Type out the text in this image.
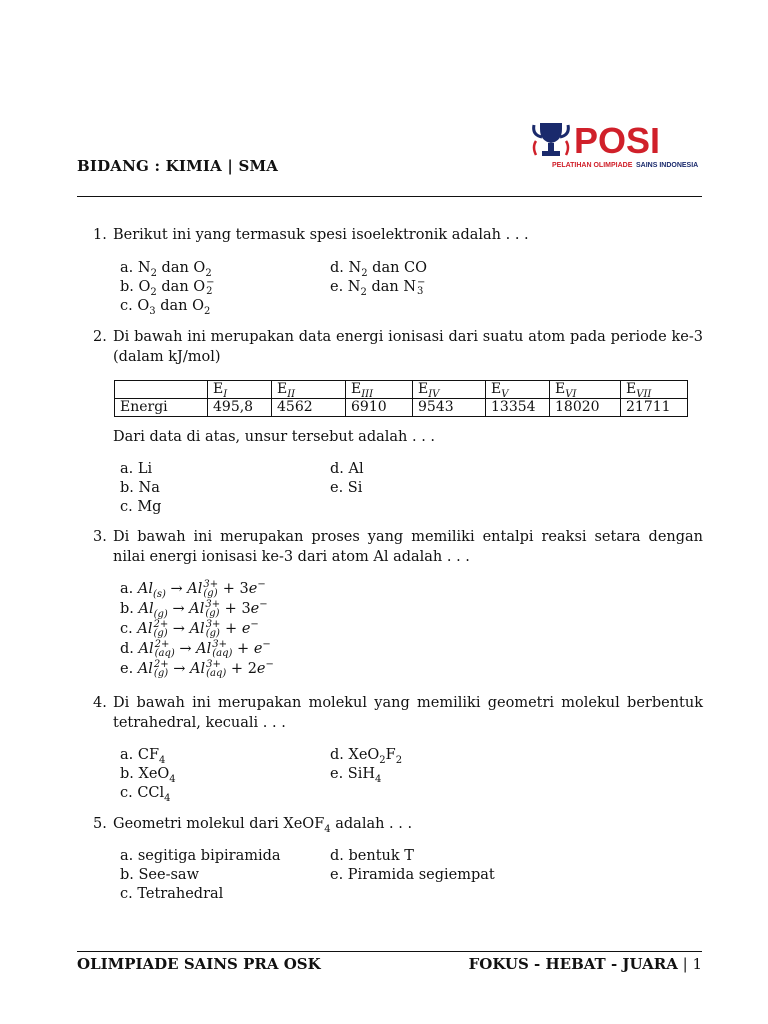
BIDANG : KIMIA | SMA
POSI
PELATIHAN OLIMPIADE SAINS INDONESIA
1. Berikut ini yang termasuk spesi isoelektronik adalah . . .
a. $N_2$ dan $O_2$
b. $O_2$ dan O −
2
c. $O_3$ dan $O_2$
d. $N_2$ dan CO
e. $N_2$ dan N −
3
2. Di bawah ini merupakan data energi ionisasi dari suatu atom pada periode ke-3 (dalam kJ/mol)
	$E_I$	$E_{II}$	$E_{III}$	$E_{IV}$	$E_V$	$E_{VI}$	$E_{VII}$
Energi	495,8	4562	6910	9543	13354	18020	21711
Dari data di atas, unsur tersebut adalah . . .
a. Li
b. Na
c. Mg
d. Al
e. Si
3. Di bawah ini merupakan proses yang memiliki entalpi reaksi setara dengan nilai energi ionisasi ke-3 dari atom Al adalah . . .
a. $Al_{(s)} \to Al$ 3+
(g) + 3e−
b. $Al_{(g)} \to Al$ 3+
(g) + 3e−
c. Al 2+
(g) → Al 3+
(g) + e−
d. Al 2+
(aq) → Al 3+
(aq) + e−
e. Al 2+
(g) → Al 3+
(aq) + 2e−
4. Di bawah ini merupakan molekul yang memiliki geometri molekul berbentuk tetrahedral, kecuali . . .
a. $CF_4$
b. XeO$_4$
c. CCl$_4$
d. $XeO_2F_2$
e. SiH$_4$
5. Geometri molekul dari XeOF$_4$ adalah . . .
a. segitiga bipiramida
b. See-saw
c. Tetrahedral
d. bentuk T
e. Piramida segiempat
OLIMPIADE SAINS PRA OSK	FOKUS - HEBAT - JUARA | 1
